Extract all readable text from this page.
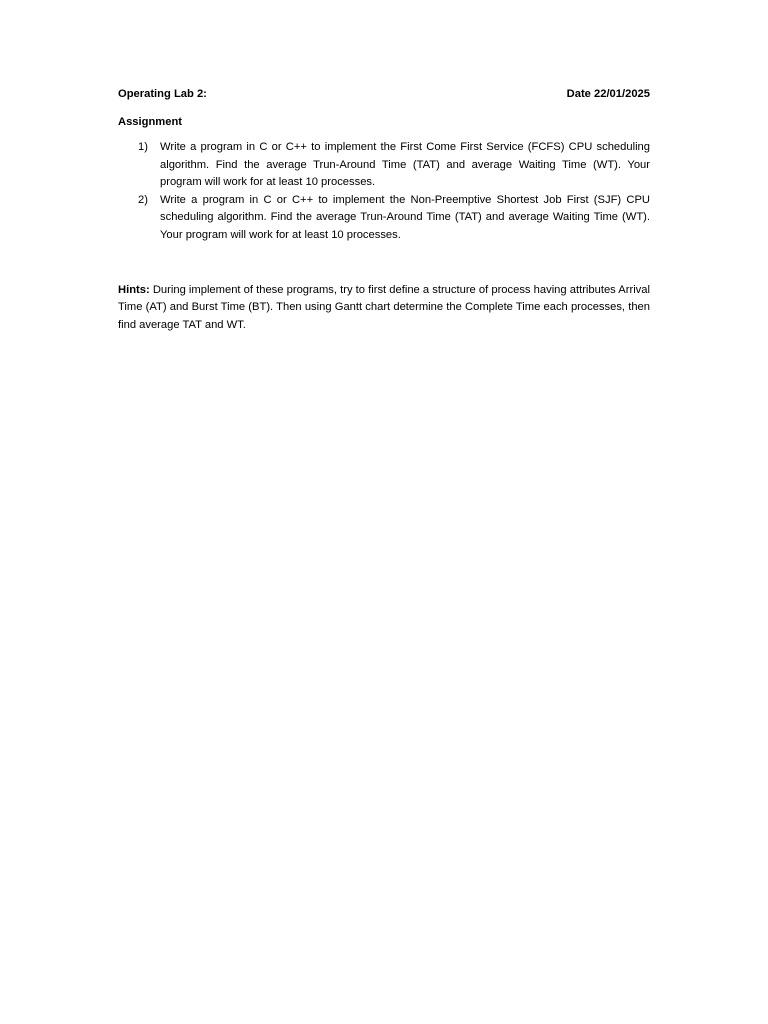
Operating Lab 2:	Date 22/01/2025
Assignment
1)	Write a program in C or C++ to implement the First Come First Service (FCFS) CPU scheduling algorithm. Find the average Trun-Around Time (TAT) and average Waiting Time (WT). Your program will work for at least 10 processes.
2)	Write a program in C or C++ to implement the Non-Preemptive Shortest Job First (SJF) CPU scheduling algorithm. Find the average Trun-Around Time (TAT) and average Waiting Time (WT). Your program will work for at least 10 processes.

Hints: During implement of these programs, try to first define a structure of process having attributes Arrival Time (AT) and Burst Time (BT). Then using Gantt chart determine the Complete Time each processes, then find average TAT and WT.
